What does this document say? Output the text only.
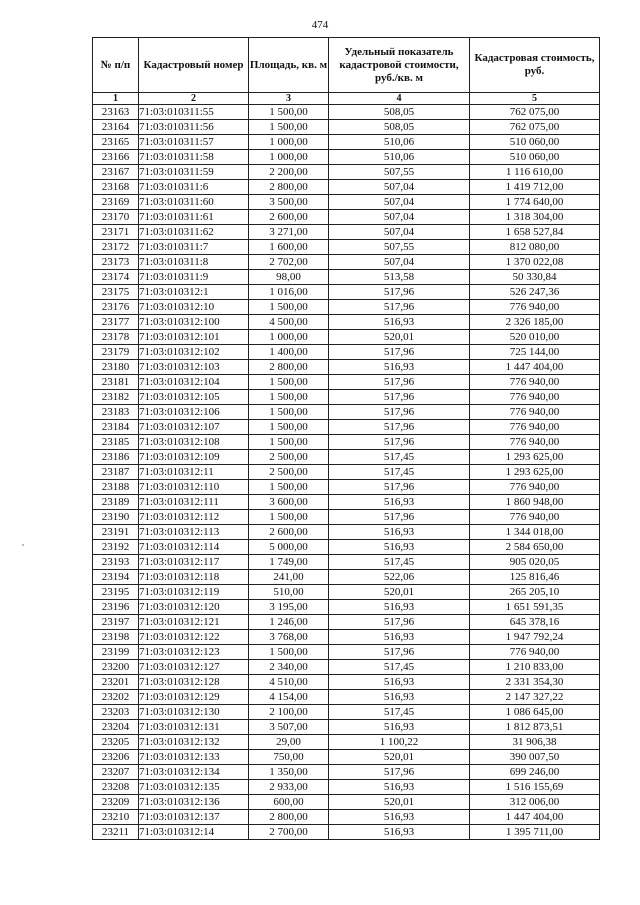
474
№ п/п	Кадастровый номер	Площадь, кв. м	Удельный показатель кадастровой стоимости, руб./кв. м	Кадастровая стоимость, руб.
1	2	3	4	5
23163	71:03:010311:55	1 500,00	508,05	762 075,00
23164	71:03:010311:56	1 500,00	508,05	762 075,00
23165	71:03:010311:57	1 000,00	510,06	510 060,00
23166	71:03:010311:58	1 000,00	510,06	510 060,00
23167	71:03:010311:59	2 200,00	507,55	1 116 610,00
23168	71:03:010311:6	2 800,00	507,04	1 419 712,00
23169	71:03:010311:60	3 500,00	507,04	1 774 640,00
23170	71:03:010311:61	2 600,00	507,04	1 318 304,00
23171	71:03:010311:62	3 271,00	507,04	1 658 527,84
23172	71:03:010311:7	1 600,00	507,55	812 080,00
23173	71:03:010311:8	2 702,00	507,04	1 370 022,08
23174	71:03:010311:9	98,00	513,58	50 330,84
23175	71:03:010312:1	1 016,00	517,96	526 247,36
23176	71:03:010312:10	1 500,00	517,96	776 940,00
23177	71:03:010312:100	4 500,00	516,93	2 326 185,00
23178	71:03:010312:101	1 000,00	520,01	520 010,00
23179	71:03:010312:102	1 400,00	517,96	725 144,00
23180	71:03:010312:103	2 800,00	516,93	1 447 404,00
23181	71:03:010312:104	1 500,00	517,96	776 940,00
23182	71:03:010312:105	1 500,00	517,96	776 940,00
23183	71:03:010312:106	1 500,00	517,96	776 940,00
23184	71:03:010312:107	1 500,00	517,96	776 940,00
23185	71:03:010312:108	1 500,00	517,96	776 940,00
23186	71:03:010312:109	2 500,00	517,45	1 293 625,00
23187	71:03:010312:11	2 500,00	517,45	1 293 625,00
23188	71:03:010312:110	1 500,00	517,96	776 940,00
23189	71:03:010312:111	3 600,00	516,93	1 860 948,00
23190	71:03:010312:112	1 500,00	517,96	776 940,00
23191	71:03:010312:113	2 600,00	516,93	1 344 018,00
23192	71:03:010312:114	5 000,00	516,93	2 584 650,00
23193	71:03:010312:117	1 749,00	517,45	905 020,05
23194	71:03:010312:118	241,00	522,06	125 816,46
23195	71:03:010312:119	510,00	520,01	265 205,10
23196	71:03:010312:120	3 195,00	516,93	1 651 591,35
23197	71:03:010312:121	1 246,00	517,96	645 378,16
23198	71:03:010312:122	3 768,00	516,93	1 947 792,24
23199	71:03:010312:123	1 500,00	517,96	776 940,00
23200	71:03:010312:127	2 340,00	517,45	1 210 833,00
23201	71:03:010312:128	4 510,00	516,93	2 331 354,30
23202	71:03:010312:129	4 154,00	516,93	2 147 327,22
23203	71:03:010312:130	2 100,00	517,45	1 086 645,00
23204	71:03:010312:131	3 507,00	516,93	1 812 873,51
23205	71:03:010312:132	29,00	1 100,22	31 906,38
23206	71:03:010312:133	750,00	520,01	390 007,50
23207	71:03:010312:134	1 350,00	517,96	699 246,00
23208	71:03:010312:135	2 933,00	516,93	1 516 155,69
23209	71:03:010312:136	600,00	520,01	312 006,00
23210	71:03:010312:137	2 800,00	516,93	1 447 404,00
23211	71:03:010312:14	2 700,00	516,93	1 395 711,00
